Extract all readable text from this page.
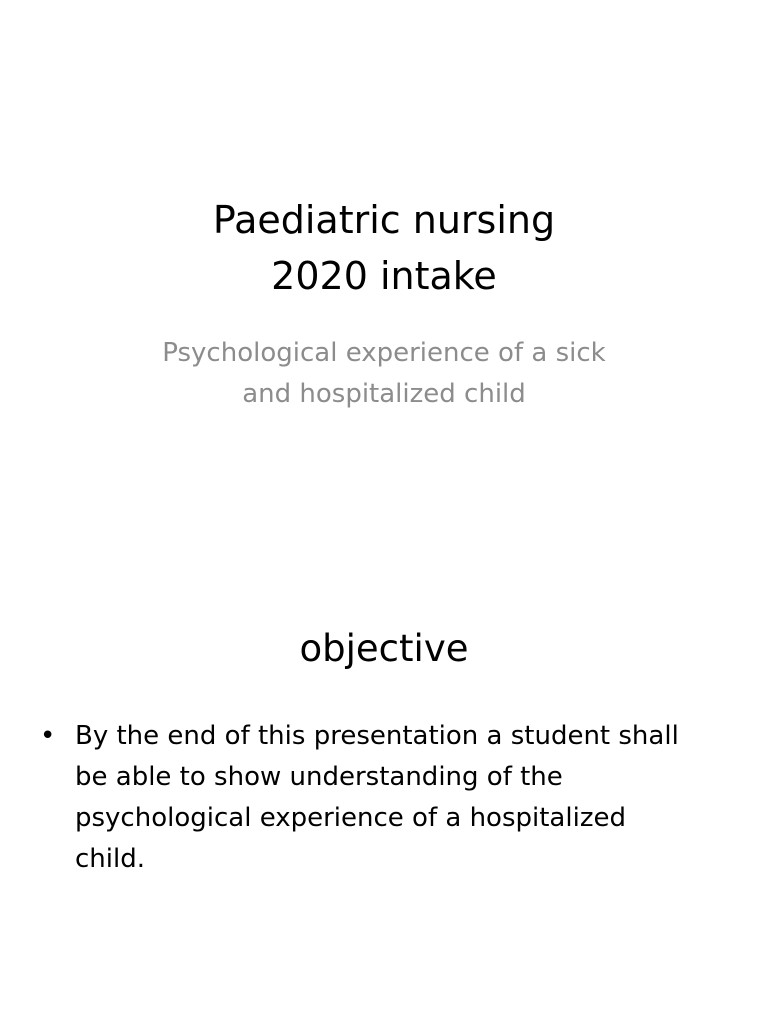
Paediatric nursing
2020 intake
Psychological experience of a sick
and hospitalized child
objective
• By the end of this presentation a student shall
be able to show understanding of the
psychological experience of a hospitalized
child.
